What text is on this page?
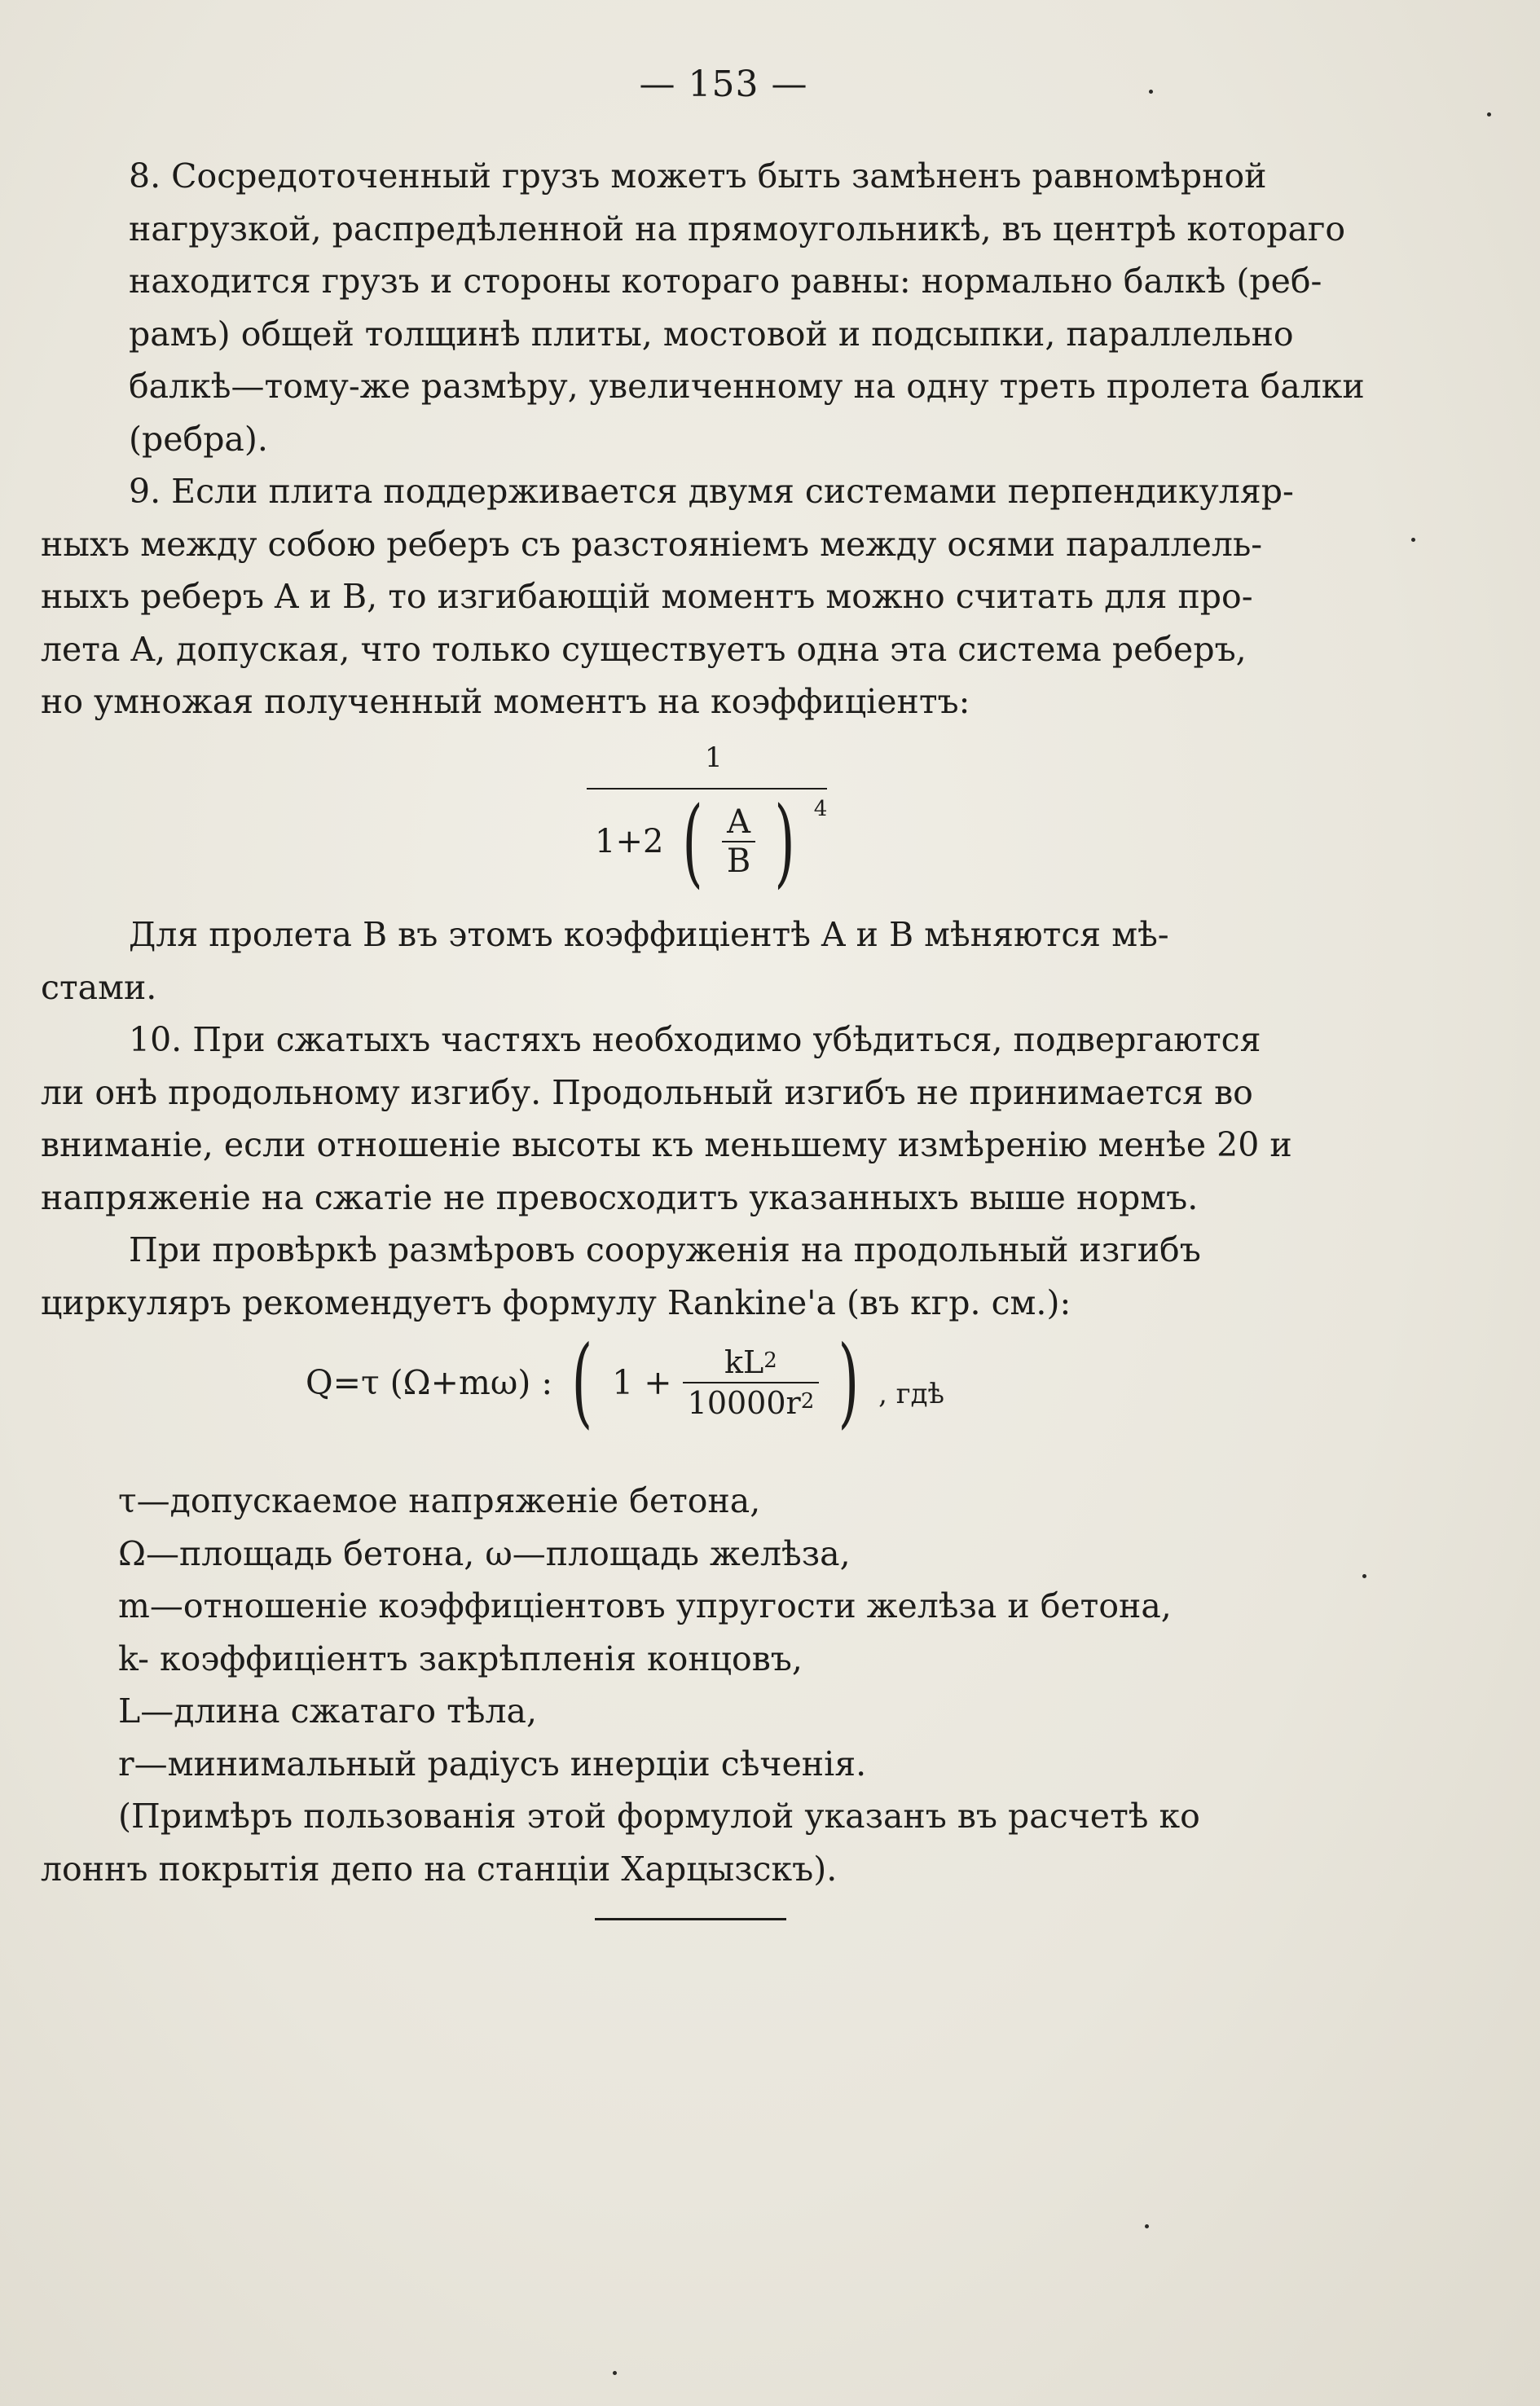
— 153 —

8. Сосредоточенный грузъ можетъ быть замѣненъ равномѣрной

нагрузкой, распредѣленной на прямоугольникѣ, въ центрѣ котораго

находится грузъ и стороны котораго равны: нормально балкѣ (реб-

рамъ) общей толщинѣ плиты, мостовой и подсыпки, параллельно

балкѣ—тому-же размѣру, увеличенному на одну треть пролета балки

(ребра).

9. Если плита поддерживается двумя системами перпендикуляр-

ныхъ между собою реберъ съ разстояніемъ между осями параллель-

ныхъ реберъ A и B, то изгибающій моментъ можно считать для про-

лета A, допуская, что только существуетъ одна эта система реберъ,

но умножая полученный моментъ на коэффиціентъ:

1
1+2 ( $\frac{A}{B}$ ) $^4$

Для пролета B въ этомъ коэффиціентѣ A и B мѣняются мѣ-

стами.

10. При сжатыхъ частяхъ необходимо убѣдиться, подвергаются

ли онѣ продольному изгибу. Продольный изгибъ не принимается во

вниманіе, если отношеніе высоты къ меньшему измѣренію менѣе 20 и

напряженіе на сжатіе не превосходитъ указанныхъ выше нормъ.

При провѣркѣ размѣровъ сооруженія на продольный изгибъ

циркуляръ рекомендуетъ формулу Rankine'a (въ кгр. см.):

Q=τ (Ω+mω) : ( $1 + \frac{kL^2}{10000r^2}$ ) , гдѣ

τ—допускаемое напряженіе бетона,

Ω—площадь бетона, ω—площадь желѣза,

m—отношеніе коэффиціентовъ упругости желѣза и бетона,

k- коэффиціентъ закрѣпленія концовъ,

L—длина сжатаго тѣла,

r—минимальный радіусъ инерціи сѣченія.

(Примѣръ пользованія этой формулой указанъ въ расчетѣ ко

лоннъ покрытія депо на станціи Харцызскъ).
